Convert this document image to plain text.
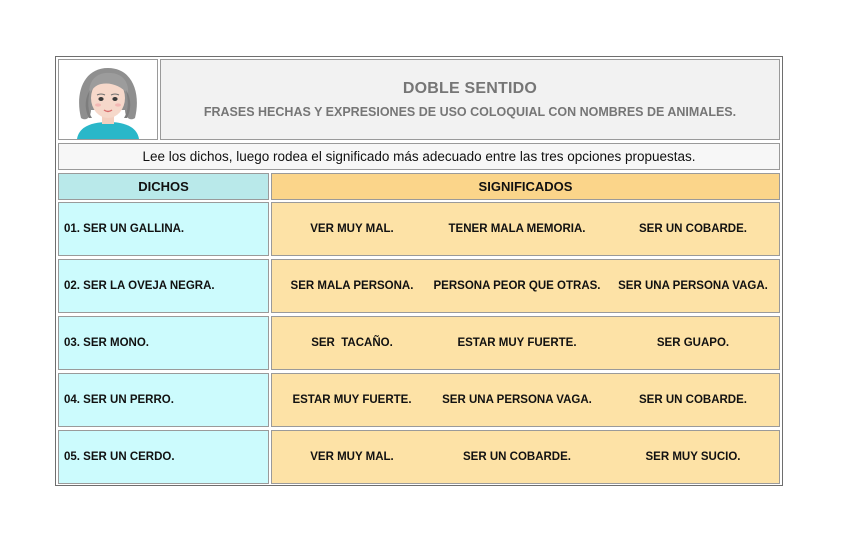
DOBLE SENTIDO
FRASES HECHAS Y EXPRESIONES DE USO COLOQUIAL CON NOMBRES DE ANIMALES.
Lee los dichos, luego rodea el significado más adecuado entre las tres opciones propuestas.
DICHOS	SIGNIFICADOS
01. SER UN GALLINA.	VER MUY MAL.	TENER MALA MEMORIA.	SER UN COBARDE.
02. SER LA OVEJA NEGRA.	SER MALA PERSONA.	PERSONA PEOR QUE OTRAS.	SER UNA PERSONA VAGA.
03. SER MONO.	SER  TACAÑO.	ESTAR MUY FUERTE.	SER GUAPO.
04. SER UN PERRO.	ESTAR MUY FUERTE.	SER UNA PERSONA VAGA.	SER UN COBARDE.
05. SER UN CERDO.	VER MUY MAL.	SER UN COBARDE.	SER MUY SUCIO.
